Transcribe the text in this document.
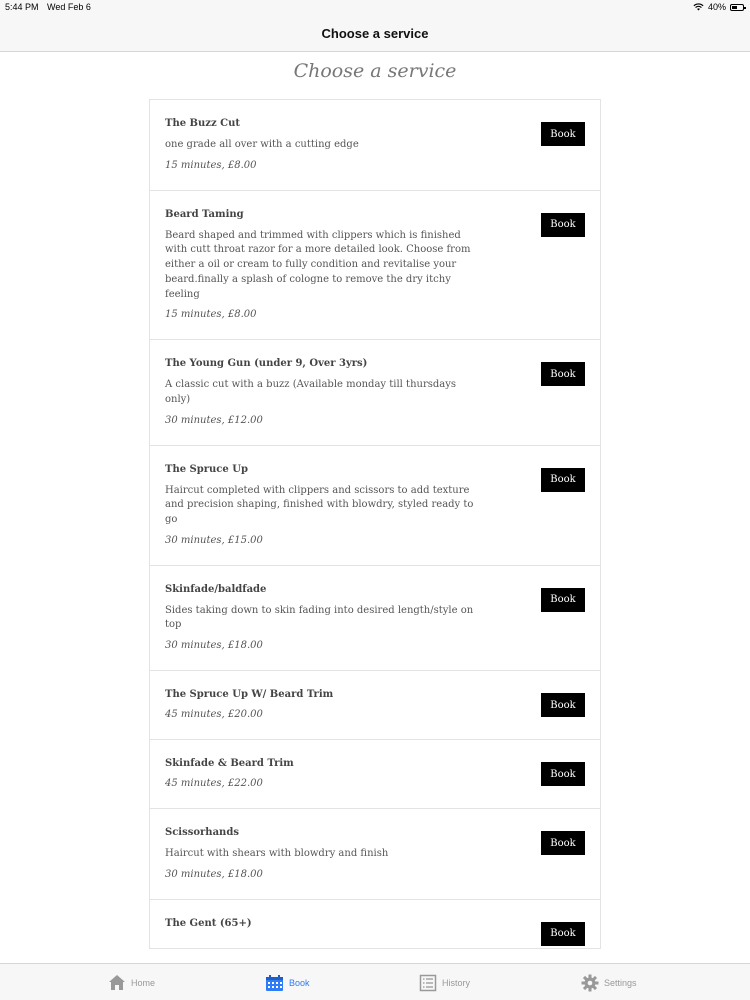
5:44 PM Wed Feb 6	40%
Choose a service
Choose a service
The Buzz Cut
one grade all over with a cutting edge
15 minutes, £8.00
Book
Beard Taming
Beard shaped and trimmed with clippers which is finished with cutt throat razor for a more detailed look. Choose from either a oil or cream to fully condition and revitalise your beard.finally a splash of cologne to remove the dry itchy feeling
15 minutes, £8.00
Book
The Young Gun (under 9, Over 3yrs)
A classic cut with a buzz (Available monday till thursdays only)
30 minutes, £12.00
Book
The Spruce Up
Haircut completed with clippers and scissors to add texture and precision shaping, finished with blowdry, styled ready to go
30 minutes, £15.00
Book
Skinfade/baldfade
Sides taking down to skin fading into desired length/style on top
30 minutes, £18.00
Book
The Spruce Up W/ Beard Trim
45 minutes, £20.00
Book
Skinfade & Beard Trim
45 minutes, £22.00
Book
Scissorhands
Haircut with shears with blowdry and finish
30 minutes, £18.00
Book
The Gent (65+)
Book
Home	Book	History	Settings
